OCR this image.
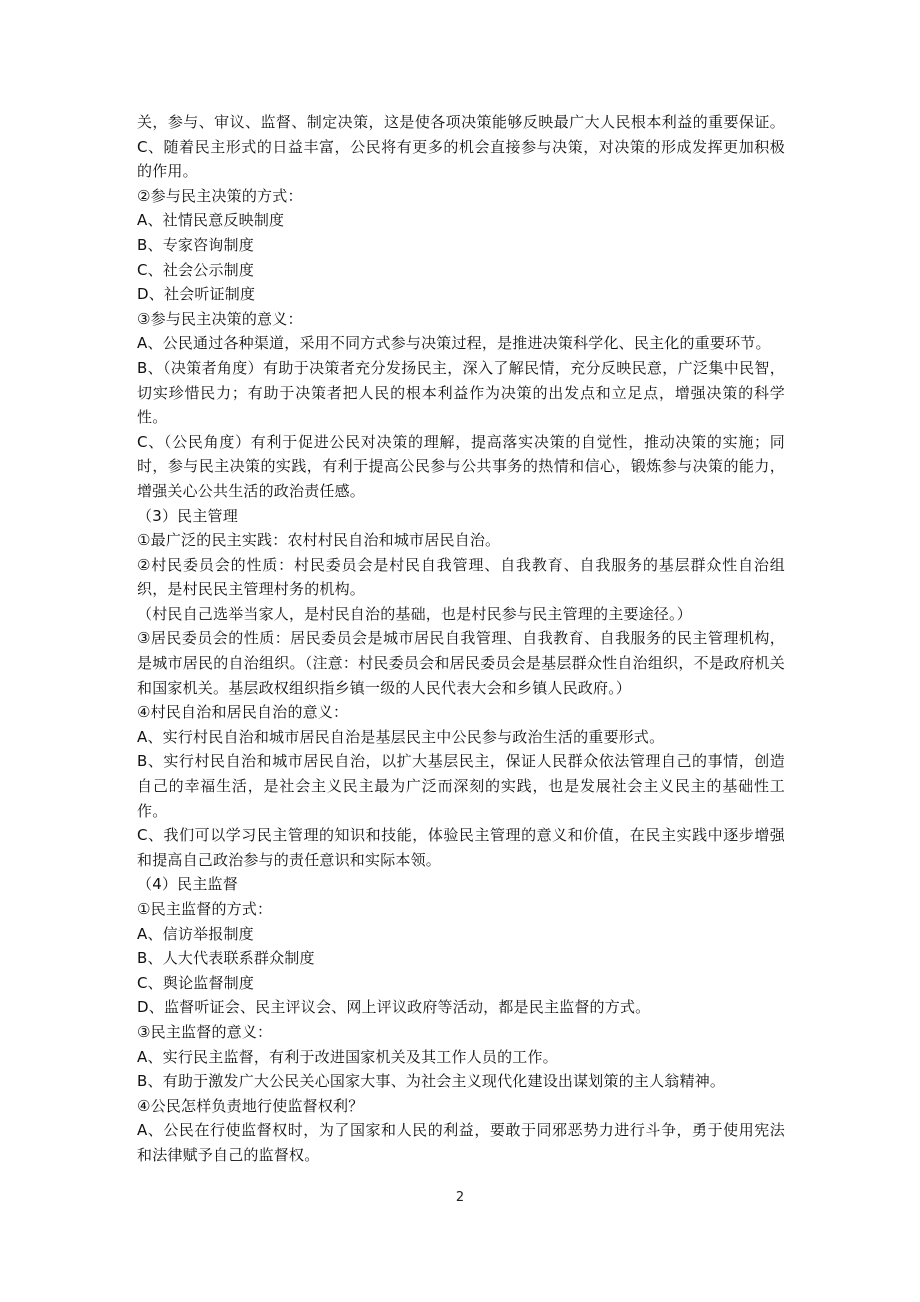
关，参与、审议、监督、制定决策，这是使各项决策能够反映最广大人民根本利益的重要保证。C、随着民主形式的日益丰富，公民将有更多的机会直接参与决策，对决策的形成发挥更加积极的作用。
②参与民主决策的方式：
A、社情民意反映制度
B、专家咨询制度
C、社会公示制度
D、社会听证制度
③参与民主决策的意义：
A、公民通过各种渠道，采用不同方式参与决策过程，是推进决策科学化、民主化的重要环节。
B、（决策者角度）有助于决策者充分发扬民主，深入了解民情，充分反映民意，广泛集中民智，切实珍惜民力；有助于决策者把人民的根本利益作为决策的出发点和立足点，增强决策的科学性。
C、（公民角度）有利于促进公民对决策的理解，提高落实决策的自觉性，推动决策的实施；同时，参与民主决策的实践，有利于提高公民参与公共事务的热情和信心，锻炼参与决策的能力，增强关心公共生活的政治责任感。
（3）民主管理
①最广泛的民主实践：农村村民自治和城市居民自治。
②村民委员会的性质：村民委员会是村民自我管理、自我教育、自我服务的基层群众性自治组织，是村民民主管理村务的机构。
（村民自己选举当家人，是村民自治的基础，也是村民参与民主管理的主要途径。）
③居民委员会的性质：居民委员会是城市居民自我管理、自我教育、自我服务的民主管理机构，是城市居民的自治组织。（注意：村民委员会和居民委员会是基层群众性自治组织，不是政府机关和国家机关。基层政权组织指乡镇一级的人民代表大会和乡镇人民政府。）
④村民自治和居民自治的意义：
A、实行村民自治和城市居民自治是基层民主中公民参与政治生活的重要形式。
B、实行村民自治和城市居民自治，以扩大基层民主，保证人民群众依法管理自己的事情，创造自己的幸福生活，是社会主义民主最为广泛而深刻的实践，也是发展社会主义民主的基础性工作。
C、我们可以学习民主管理的知识和技能，体验民主管理的意义和价值，在民主实践中逐步增强和提高自己政治参与的责任意识和实际本领。
（4）民主监督
①民主监督的方式：
A、信访举报制度
B、人大代表联系群众制度
C、舆论监督制度
D、监督听证会、民主评议会、网上评议政府等活动，都是民主监督的方式。
③民主监督的意义：
A、实行民主监督，有利于改进国家机关及其工作人员的工作。
B、有助于激发广大公民关心国家大事、为社会主义现代化建设出谋划策的主人翁精神。
④公民怎样负责地行使监督权利？
A、公民在行使监督权时，为了国家和人民的利益，要敢于同邪恶势力进行斗争，勇于使用宪法和法律赋予自己的监督权。
2
